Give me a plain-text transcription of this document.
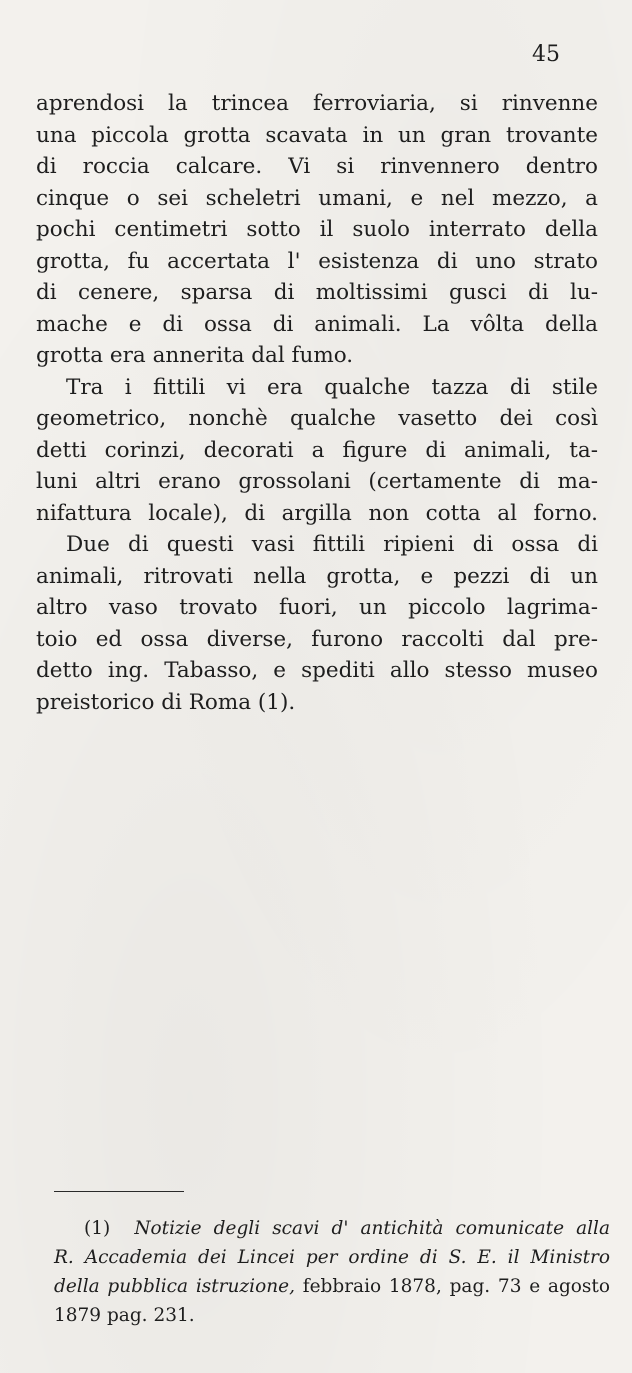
45
aprendosi la trincea ferroviaria, si rinvenne
una piccola grotta scavata in un gran trovante
di roccia calcare. Vi si rinvennero dentro
cinque o sei scheletri umani, e nel mezzo, a
pochi centimetri sotto il suolo interrato della
grotta, fu accertata l' esistenza di uno strato
di cenere, sparsa di moltissimi gusci di lu-
mache e di ossa di animali. La vôlta della
grotta era annerita dal fumo.
Tra i fittili vi era qualche tazza di stile
geometrico, nonchè qualche vasetto dei così
detti corinzi, decorati a figure di animali, ta-
luni altri erano grossolani (certamente di ma-
nifattura locale), di argilla non cotta al forno.
Due di questi vasi fittili ripieni di ossa di
animali, ritrovati nella grotta, e pezzi di un
altro vaso trovato fuori, un piccolo lagrima-
toio ed ossa diverse, furono raccolti dal pre-
detto ing. Tabasso, e spediti allo stesso museo
preistorico di Roma (1).
(1) Notizie degli scavi d' antichità comunicate alla
R. Accademia dei Lincei per ordine di S. E. il Ministro
della pubblica istruzione, febbraio 1878, pag. 73 e agosto
1879 pag. 231.
